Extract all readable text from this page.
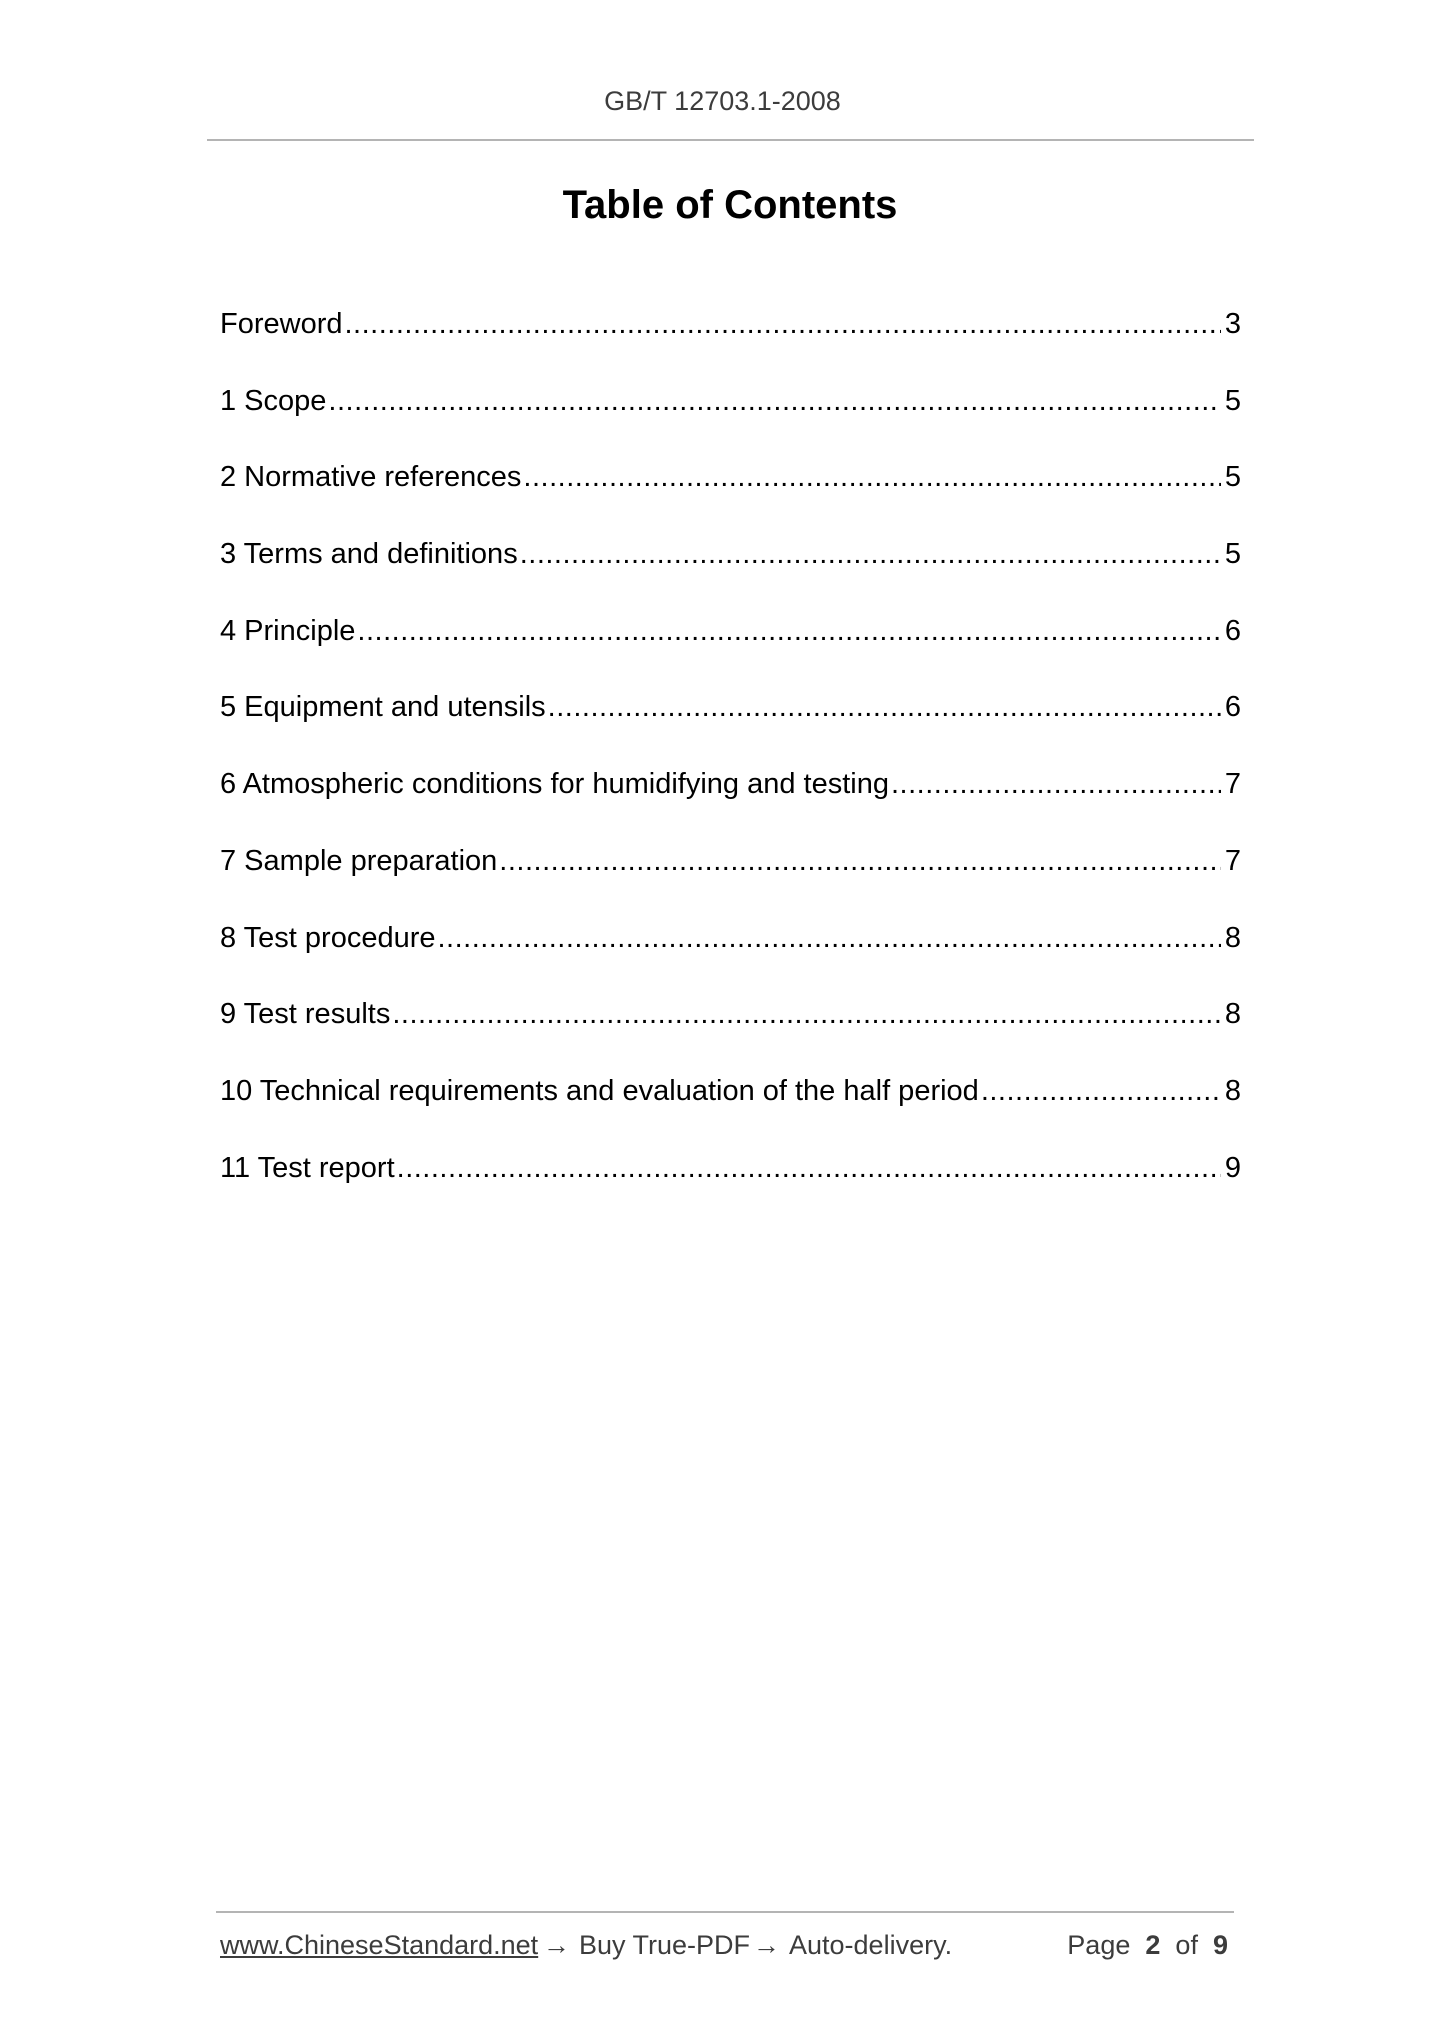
GB/T 12703.1-2008
Table of Contents
Foreword .....	3
1 Scope .....	5
2 Normative references .....	5
3 Terms and definitions .....	5
4 Principle .....	6
5 Equipment and utensils .....	6
6 Atmospheric conditions for humidifying and testing .....	7
7 Sample preparation .....	7
8 Test procedure .....	8
9 Test results .....	8
10 Technical requirements and evaluation of the half period .....	8
11 Test report .....	9
www.ChineseStandard.net → Buy True-PDF → Auto-delivery.	Page 2 of 9
